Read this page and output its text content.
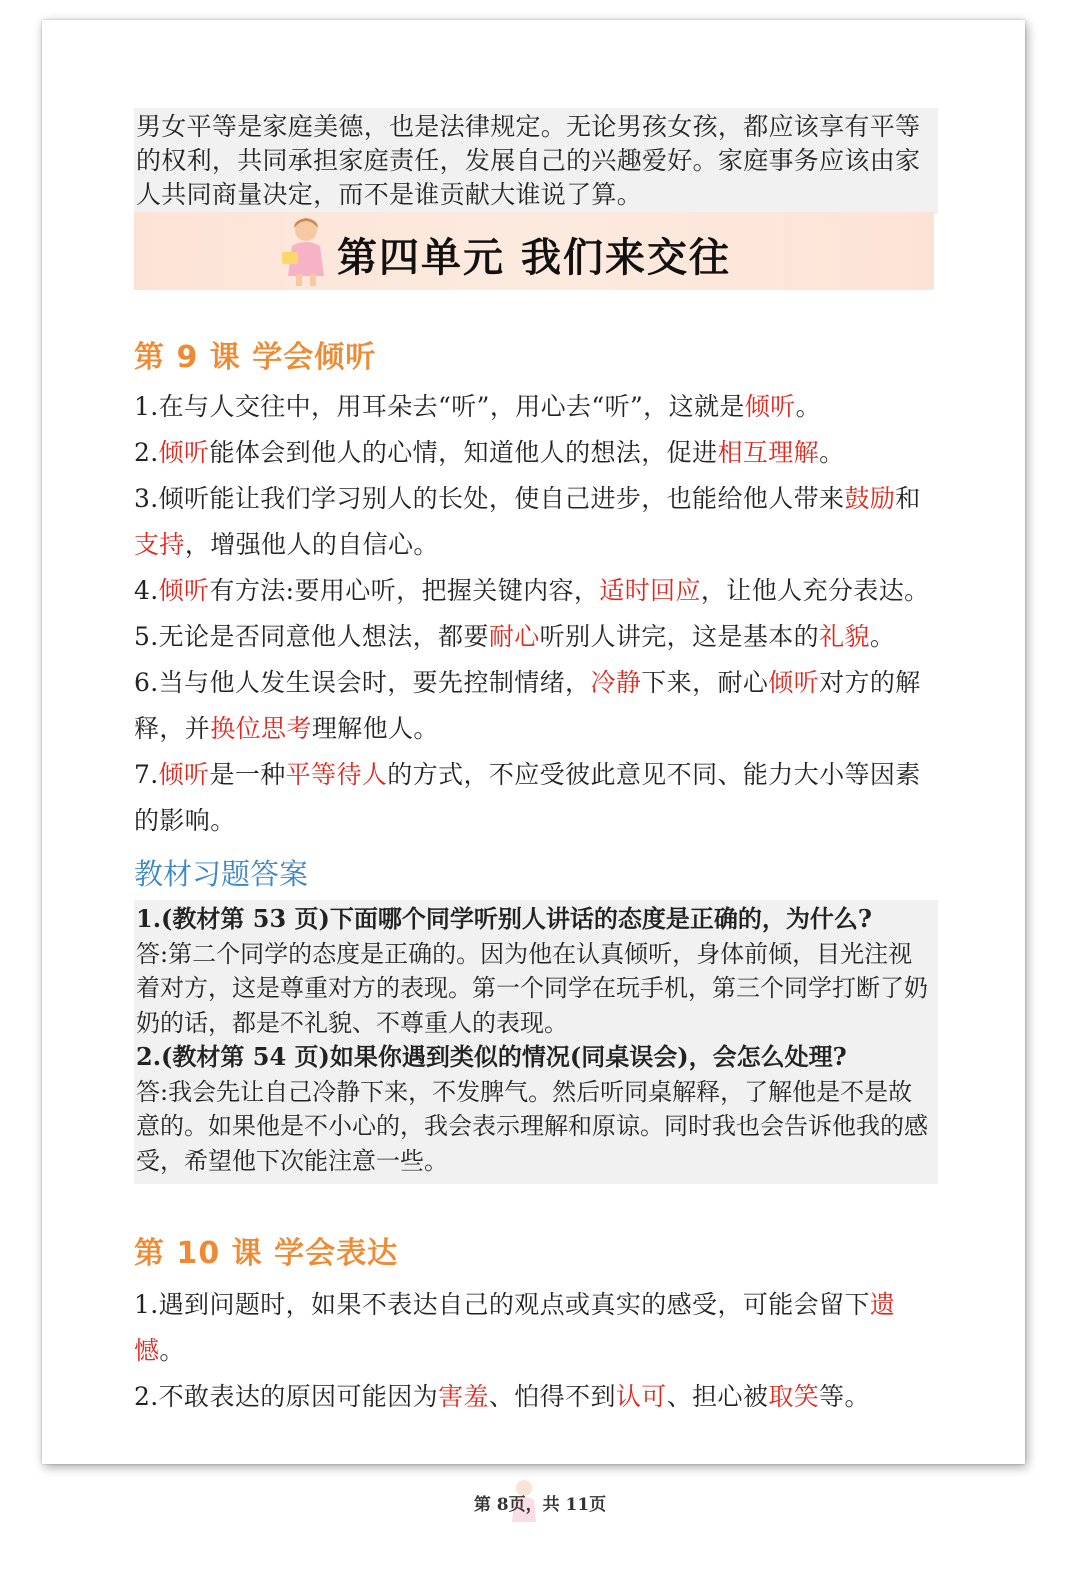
男女平等是家庭美德，也是法律规定。无论男孩女孩，都应该享有平等的权利，共同承担家庭责任，发展自己的兴趣爱好。家庭事务应该由家人共同商量决定，而不是谁贡献大谁说了算。
第四单元 我们来交往
第 9 课 学会倾听

1.在与人交往中，用耳朵去“听”，用心去“听”，这就是倾听。

2.倾听能体会到他人的心情，知道他人的想法，促进相互理解。

3.倾听能让我们学习别人的长处，使自己进步，也能给他人带来鼓励和支持，增强他人的自信心。

4.倾听有方法:要用心听，把握关键内容，适时回应，让他人充分表达。

5.无论是否同意他人想法，都要耐心听别人讲完，这是基本的礼貌。

6.当与他人发生误会时，要先控制情绪，冷静下来，耐心倾听对方的解释，并换位思考理解他人。

7.倾听是一种平等待人的方式，不应受彼此意见不同、能力大小等因素的影响。

教材习题答案

1.(教材第 53 页)下面哪个同学听别人讲话的态度是正确的，为什么?

答:第二个同学的态度是正确的。因为他在认真倾听，身体前倾，目光注视着对方，这是尊重对方的表现。第一个同学在玩手机，第三个同学打断了奶奶的话，都是不礼貌、不尊重人的表现。

2.(教材第 54 页)如果你遇到类似的情况(同桌误会)，会怎么处理?

答:我会先让自己冷静下来，不发脾气。然后听同桌解释，了解他是不是故意的。如果他是不小心的，我会表示理解和原谅。同时我也会告诉他我的感受，希望他下次能注意一些。

第 10 课 学会表达

1.遇到问题时，如果不表达自己的观点或真实的感受，可能会留下遗憾。

2.不敢表达的原因可能因为害羞、怕得不到认可、担心被取笑等。

第 8页，共 11页
